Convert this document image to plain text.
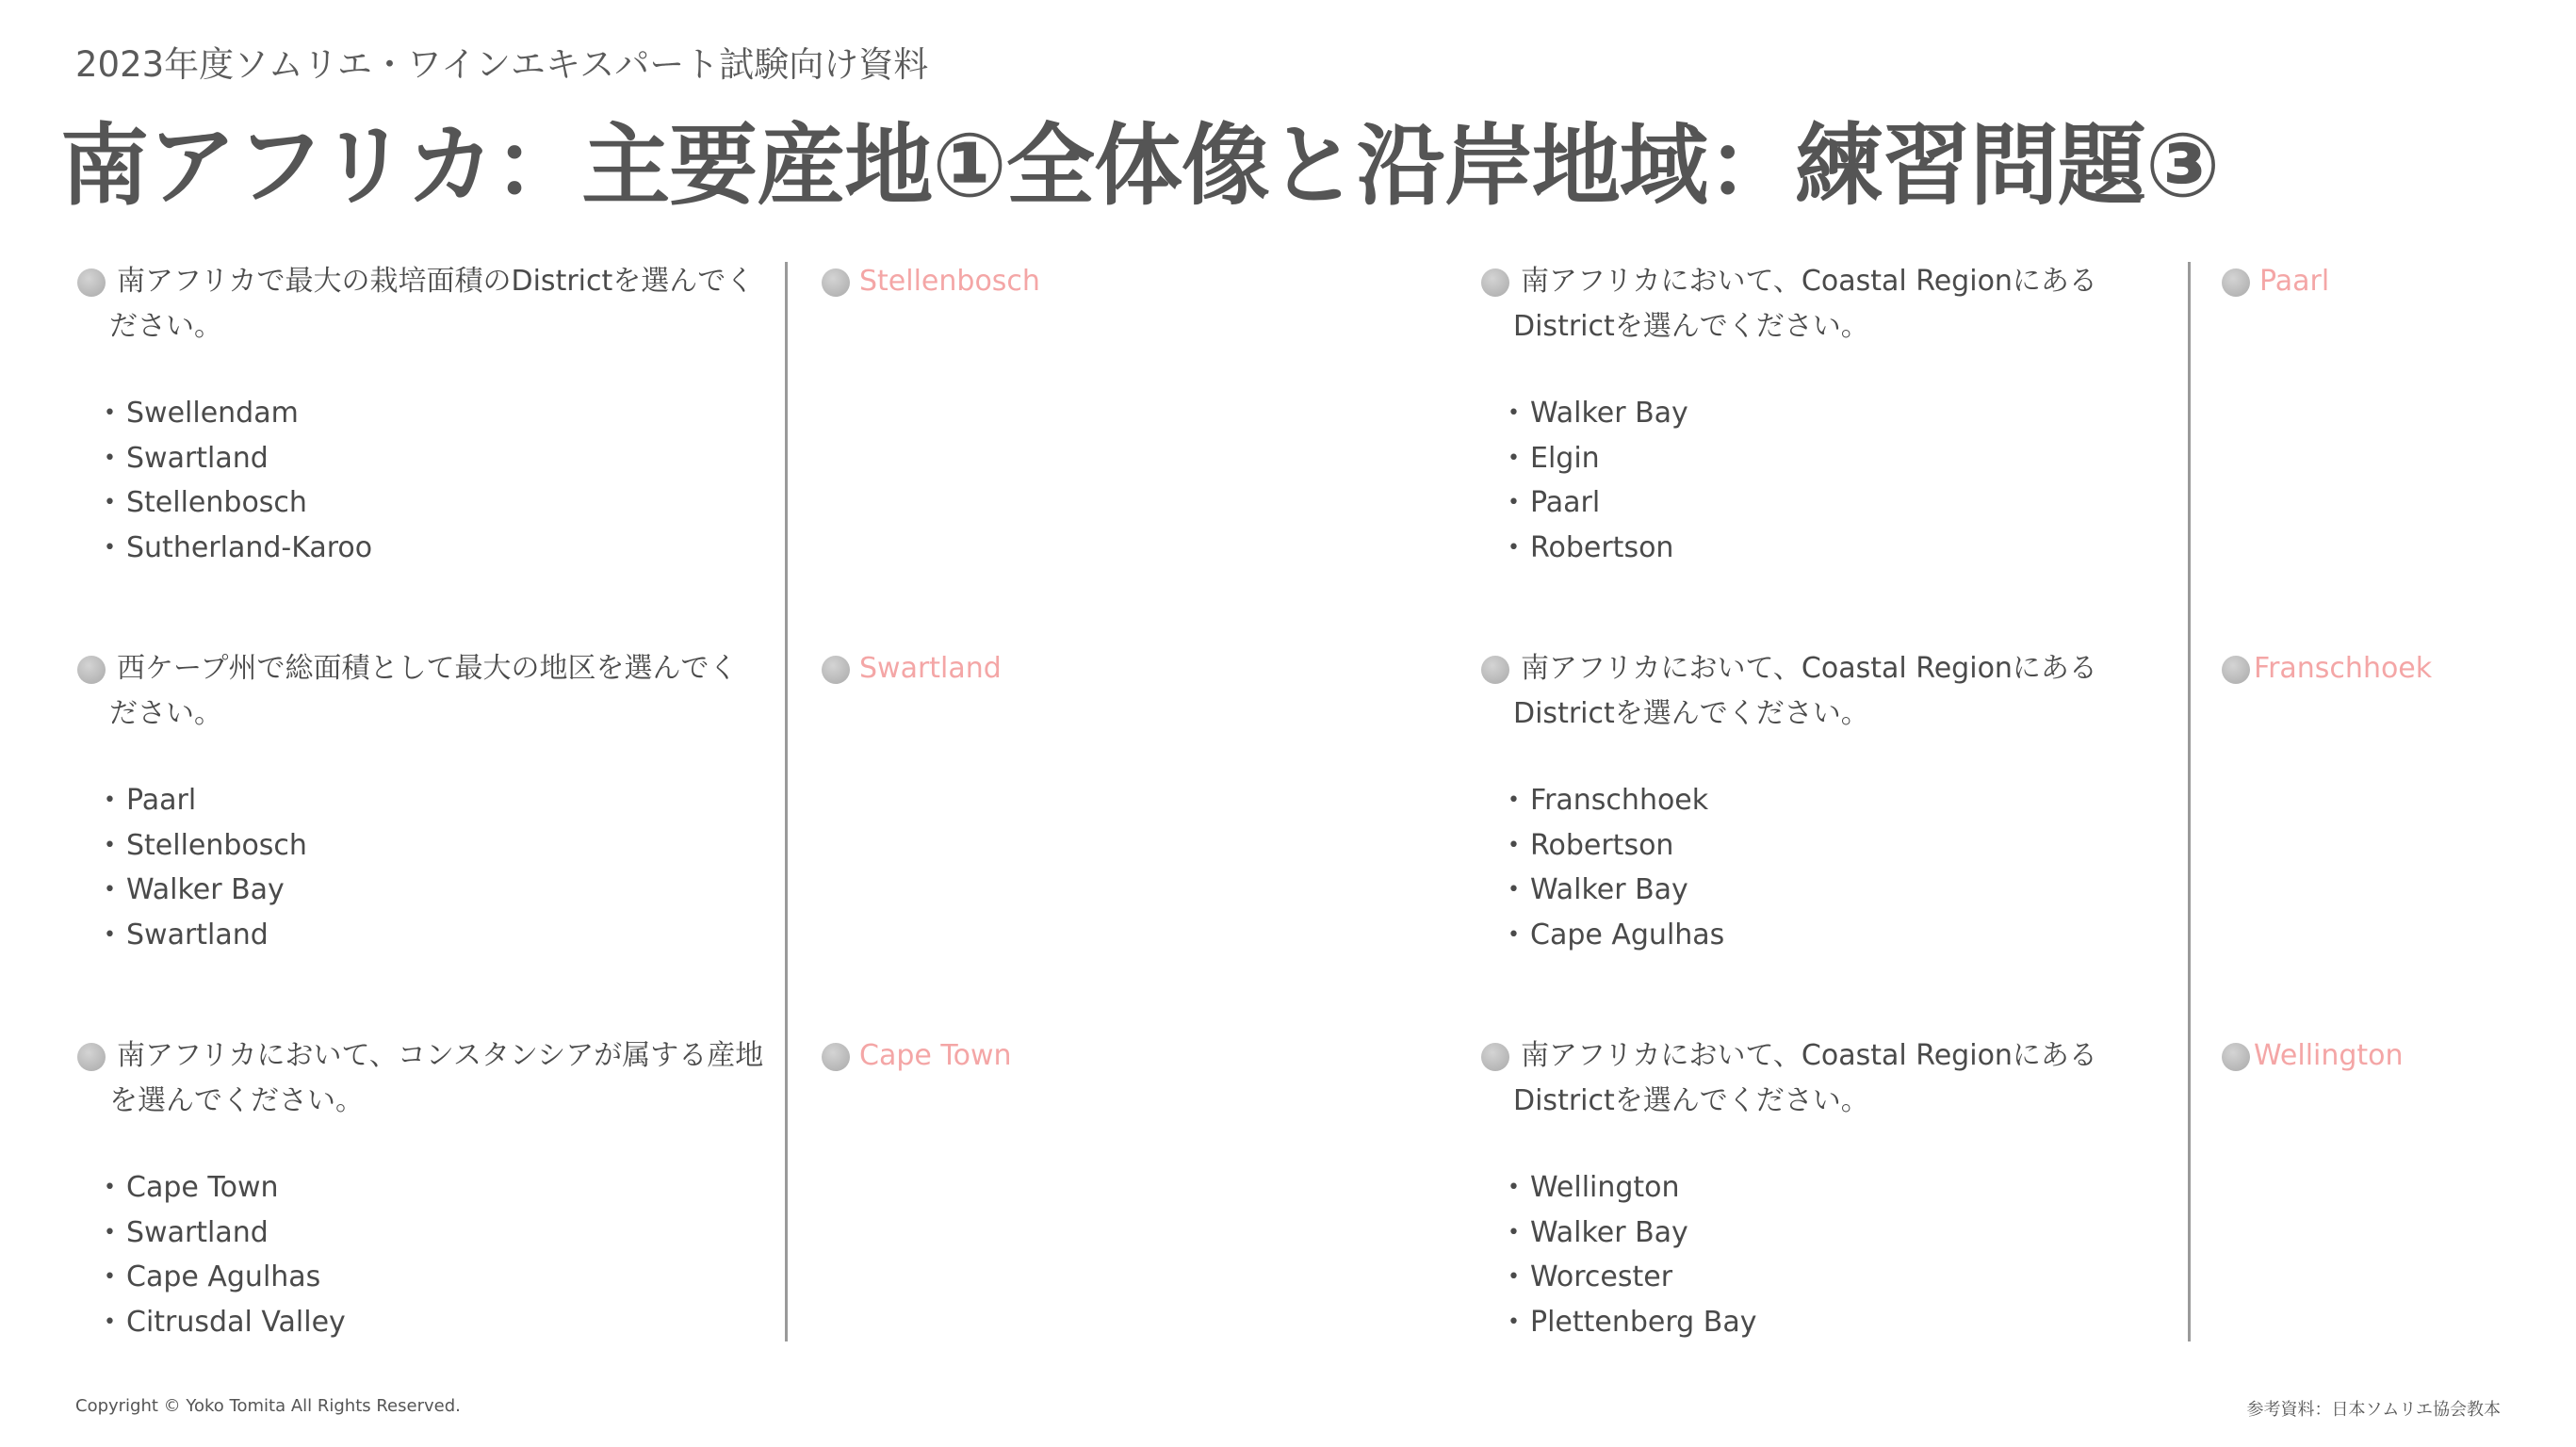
2023年度ソムリエ・ワインエキスパート試験向け資料
南アフリカ：主要産地①全体像と沿岸地域：練習問題③
南アフリカで最大の栽培面積のDistrictを選んでください。
• Swellendam
• Swartland
• Stellenbosch
• Sutherland-Karoo
Stellenbosch
西ケープ州で総面積として最大の地区を選んでください。
• Paarl
• Stellenbosch
• Walker Bay
• Swartland
Swartland
南アフリカにおいて、コンスタンシアが属する産地を選んでください。
• Cape Town
• Swartland
• Cape Agulhas
• Citrusdal Valley
Cape Town
南アフリカにおいて、Coastal RegionにあるDistrictを選んでください。
• Walker Bay
• Elgin
• Paarl
• Robertson
Paarl
南アフリカにおいて、Coastal RegionにあるDistrictを選んでください。
• Franschhoek
• Robertson
• Walker Bay
• Cape Agulhas
Franschhoek
南アフリカにおいて、Coastal RegionにあるDistrictを選んでください。
• Wellington
• Walker Bay
• Worcester
• Plettenberg Bay
Wellington
Copyright © Yoko Tomita All Rights Reserved.	参考資料：日本ソムリエ協会教本
